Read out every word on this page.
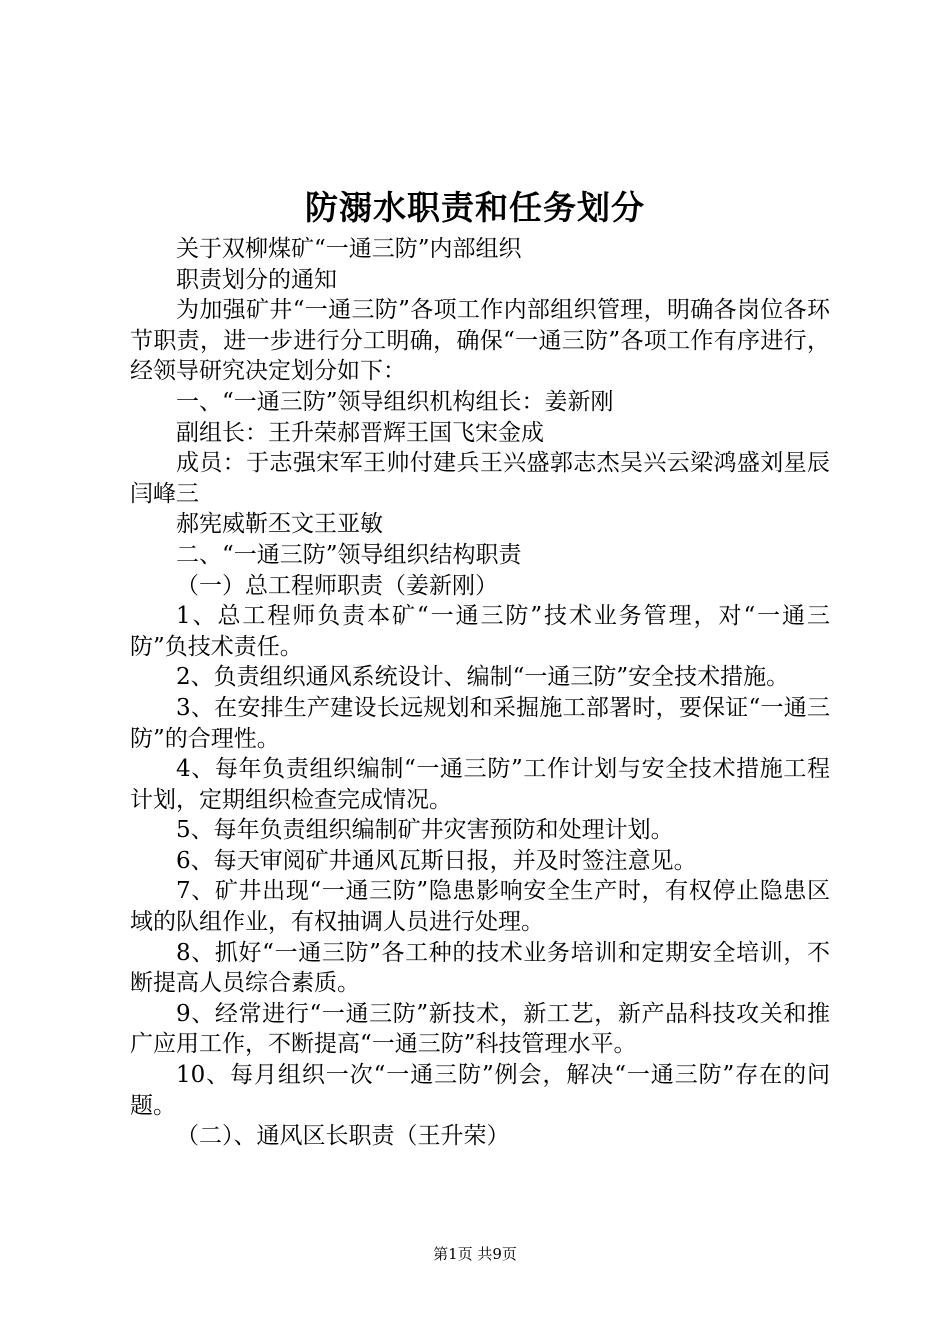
防溺水职责和任务划分

关于双柳煤矿“一通三防”内部组织

职责划分的通知

为加强矿井“一通三防”各项工作内部组织管理，明确各岗位各环节职责，进一步进行分工明确，确保“一通三防”各项工作有序进行，经领导研究决定划分如下：

一、“一通三防”领导组织机构组长：姜新刚

副组长：王升荣郝晋辉王国飞宋金成

成员：于志强宋军王帅付建兵王兴盛郭志杰吴兴云梁鸿盛刘星辰闫峰三

郝宪威靳丕文王亚敏

二、“一通三防”领导组织结构职责

（一）总工程师职责（姜新刚）

1、总工程师负责本矿“一通三防”技术业务管理，对“一通三防”负技术责任。

2、负责组织通风系统设计、编制“一通三防”安全技术措施。

3、在安排生产建设长远规划和采掘施工部署时，要保证“一通三防”的合理性。

4、每年负责组织编制“一通三防”工作计划与安全技术措施工程计划，定期组织检查完成情况。

5、每年负责组织编制矿井灾害预防和处理计划。

6、每天审阅矿井通风瓦斯日报，并及时签注意见。

7、矿井出现“一通三防”隐患影响安全生产时，有权停止隐患区域的队组作业，有权抽调人员进行处理。

8、抓好“一通三防”各工种的技术业务培训和定期安全培训，不断提高人员综合素质。

9、经常进行“一通三防”新技术，新工艺，新产品科技攻关和推广应用工作，不断提高“一通三防”科技管理水平。

10、每月组织一次“一通三防”例会，解决“一通三防”存在的问题。

（二）、通风区长职责（王升荣）

第1页 共9页
